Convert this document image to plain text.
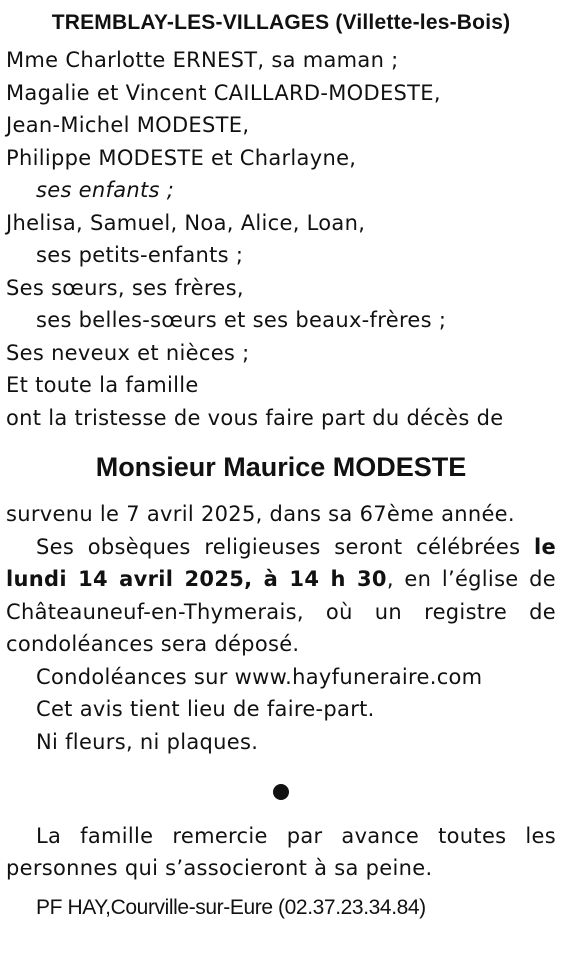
TREMBLAY-LES-VILLAGES (Villette-les-Bois)
Mme Charlotte ERNEST, sa maman ;
Magalie et Vincent CAILLARD-MODESTE,
Jean-Michel MODESTE,
Philippe MODESTE et Charlayne,
ses enfants ;
Jhelisa, Samuel, Noa, Alice, Loan,
ses petits-enfants ;
Ses sœurs, ses frères,
ses belles-sœurs et ses beaux-frères ;
Ses neveux et nièces ;
Et toute la famille
ont la tristesse de vous faire part du décès de
Monsieur Maurice MODESTE
survenu le 7 avril 2025, dans sa 67ème année.
Ses obsèques religieuses seront célébrées le lundi 14 avril 2025, à 14 h 30, en l’église de Châteauneuf-en-Thymerais, où un registre de condoléances sera déposé.
Condoléances sur www.hayfuneraire.com
Cet avis tient lieu de faire-part.
Ni fleurs, ni plaques.
La famille remercie par avance toutes les personnes qui s’associeront à sa peine.
PF HAY,Courville-sur-Eure (02.37.23.34.84)
